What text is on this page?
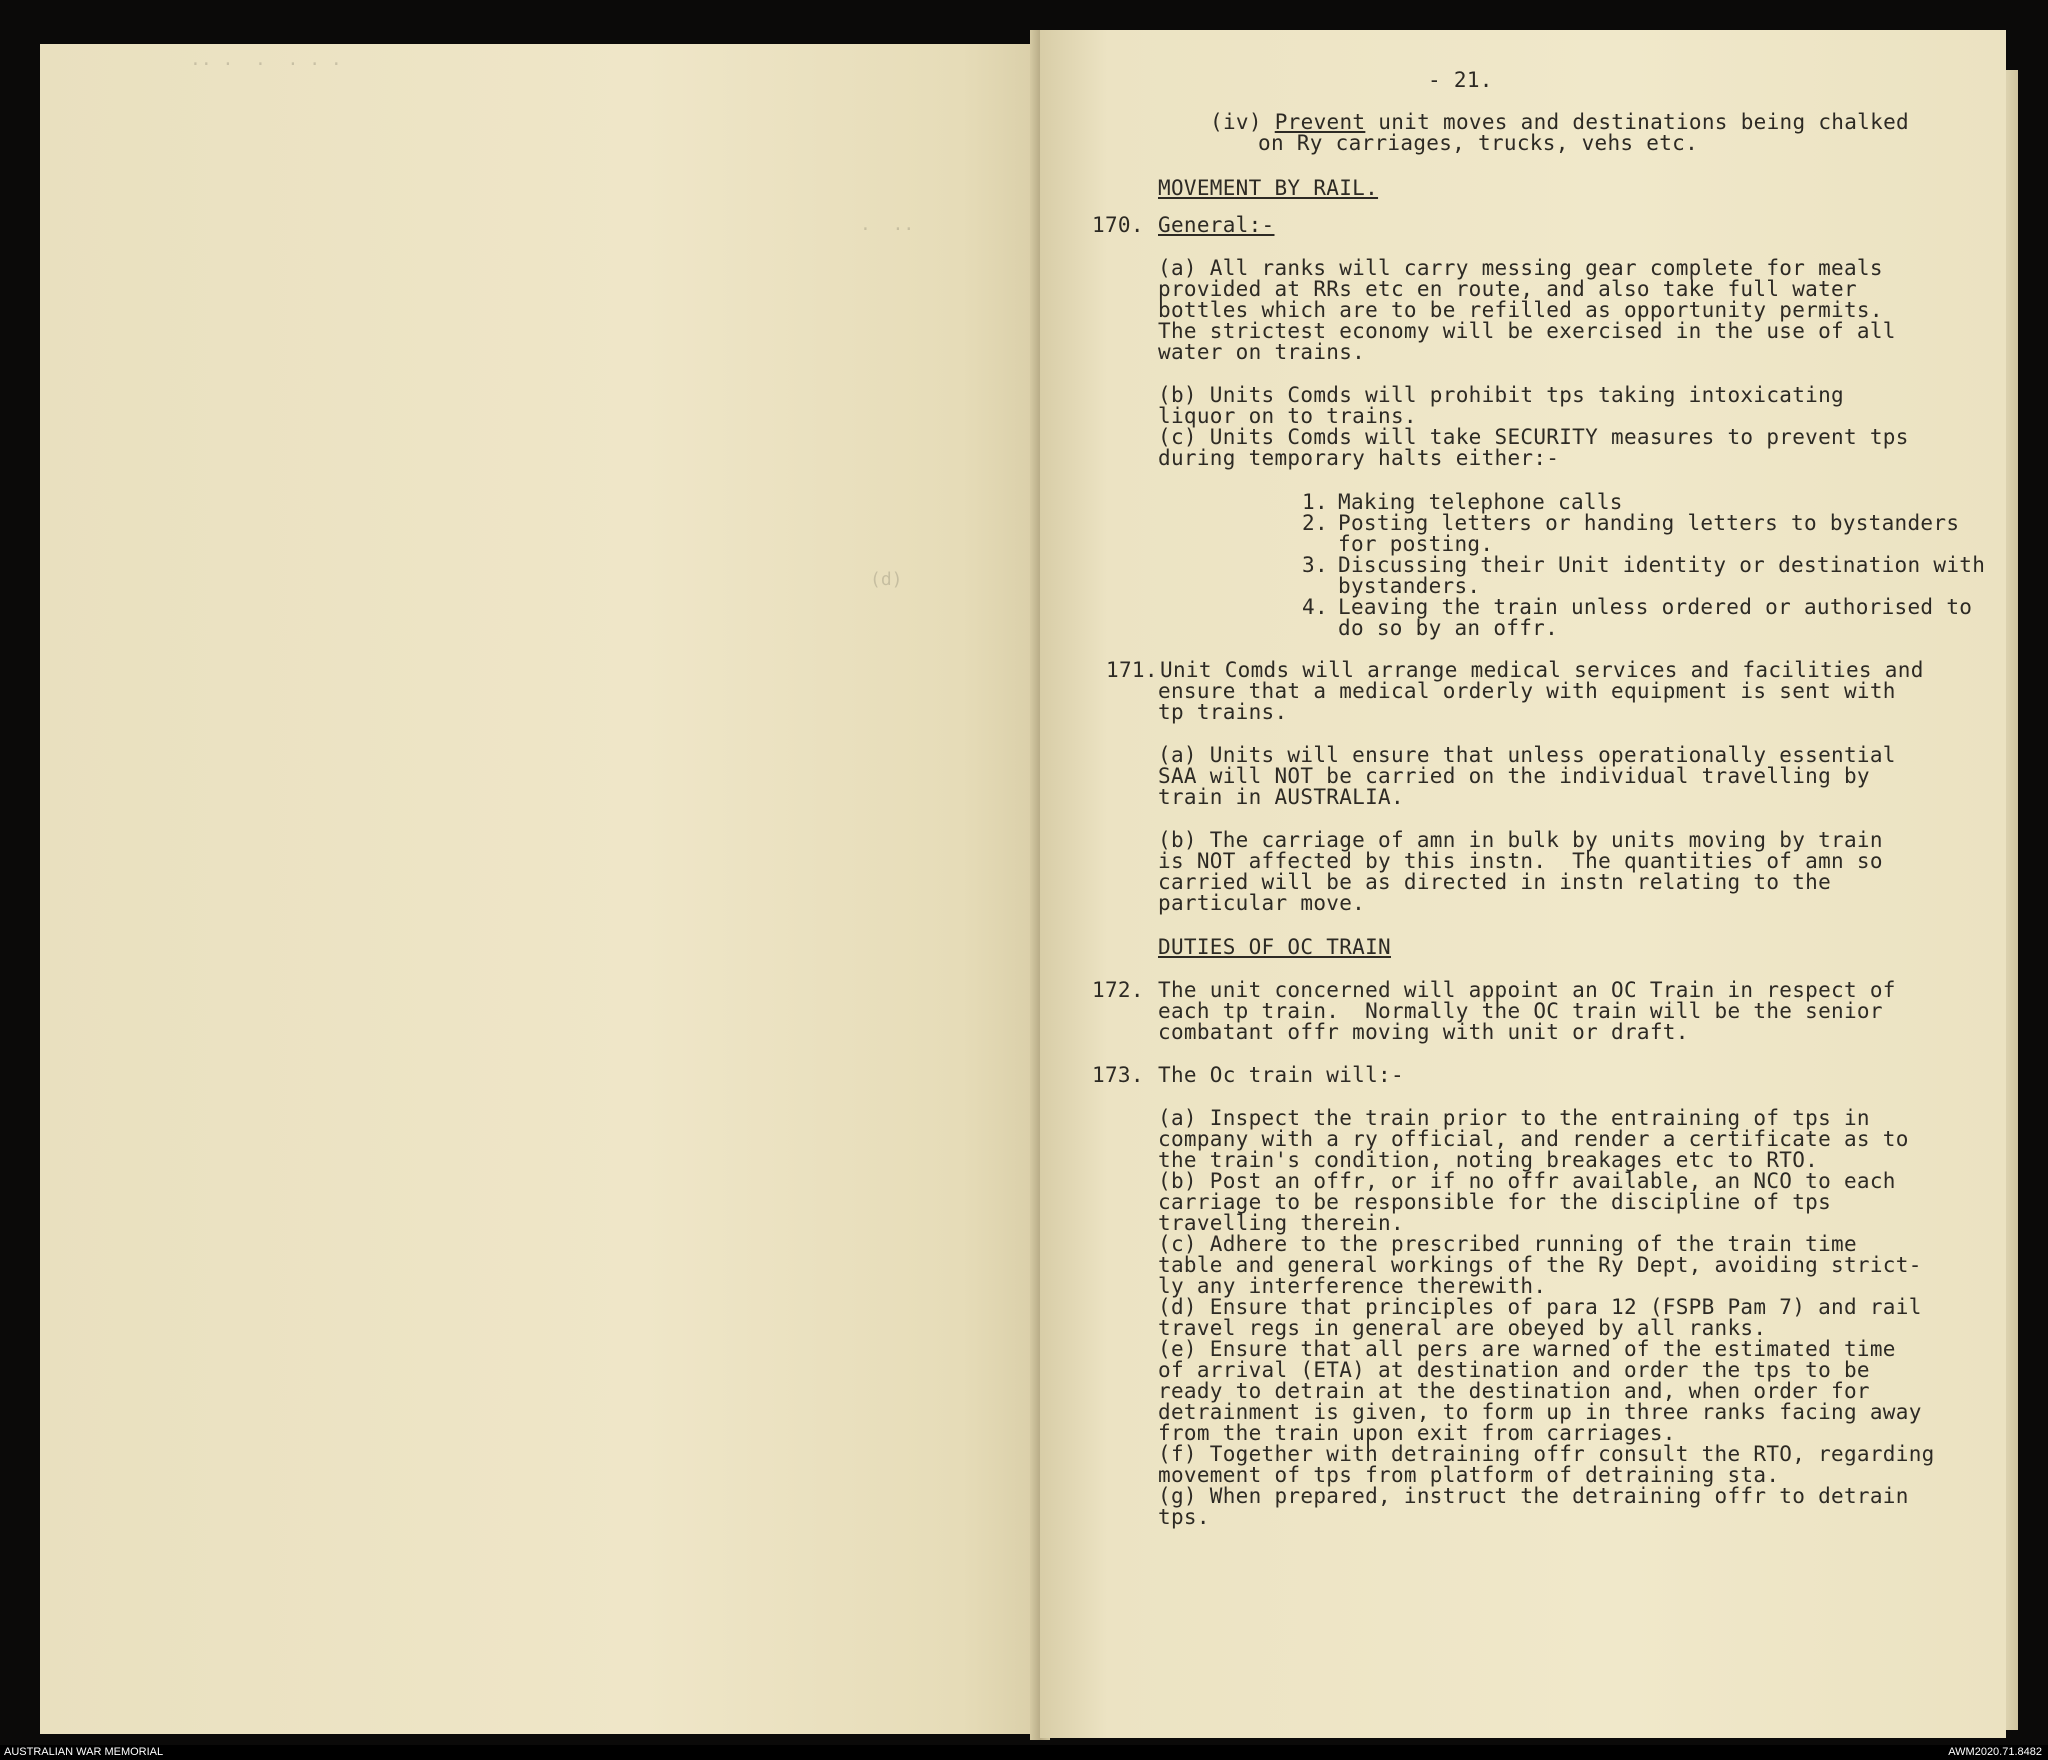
·· ·  ·  · · ·
·  ··
(d)
- 21.
(iv) Prevent unit moves and destinations being chalked
on Ry carriages, trucks, vehs etc.
MOVEMENT BY RAIL.
170. General:-
(a) All ranks will carry messing gear complete for meals
provided at RRs etc en route, and also take full water
bottles which are to be refilled as opportunity permits.
The strictest economy will be exercised in the use of all
water on trains.
(b) Units Comds will prohibit tps taking intoxicating
liquor on to trains.
(c) Units Comds will take SECURITY measures to prevent tps
during temporary halts either:-
1. Making telephone calls
2. Posting letters or handing letters to bystanders
for posting.
3. Discussing their Unit identity or destination with
bystanders.
4. Leaving the train unless ordered or authorised to
do so by an offr.
171. Unit Comds will arrange medical services and facilities and
ensure that a medical orderly with equipment is sent with
tp trains.
(a) Units will ensure that unless operationally essential
SAA will NOT be carried on the individual travelling by
train in AUSTRALIA.
(b) The carriage of amn in bulk by units moving by train
is NOT affected by this instn.  The quantities of amn so
carried will be as directed in instn relating to the
particular move.
DUTIES OF OC TRAIN
172. The unit concerned will appoint an OC Train in respect of
each tp train.  Normally the OC train will be the senior
combatant offr moving with unit or draft.
173. The Oc train will:-
(a) Inspect the train prior to the entraining of tps in
company with a ry official, and render a certificate as to
the train's condition, noting breakages etc to RTO.
(b) Post an offr, or if no offr available, an NCO to each
carriage to be responsible for the discipline of tps
travelling therein.
(c) Adhere to the prescribed running of the train time
table and general workings of the Ry Dept, avoiding strict-
ly any interference therewith.
(d) Ensure that principles of para 12 (FSPB Pam 7) and rail
travel regs in general are obeyed by all ranks.
(e) Ensure that all pers are warned of the estimated time
of arrival (ETA) at destination and order the tps to be
ready to detrain at the destination and, when order for
detrainment is given, to form up in three ranks facing away
from the train upon exit from carriages.
(f) Together with detraining offr consult the RTO, regarding
movement of tps from platform of detraining sta.
(g) When prepared, instruct the detraining offr to detrain
tps.
AUSTRALIAN WAR MEMORIAL	AWM2020.71.8482
